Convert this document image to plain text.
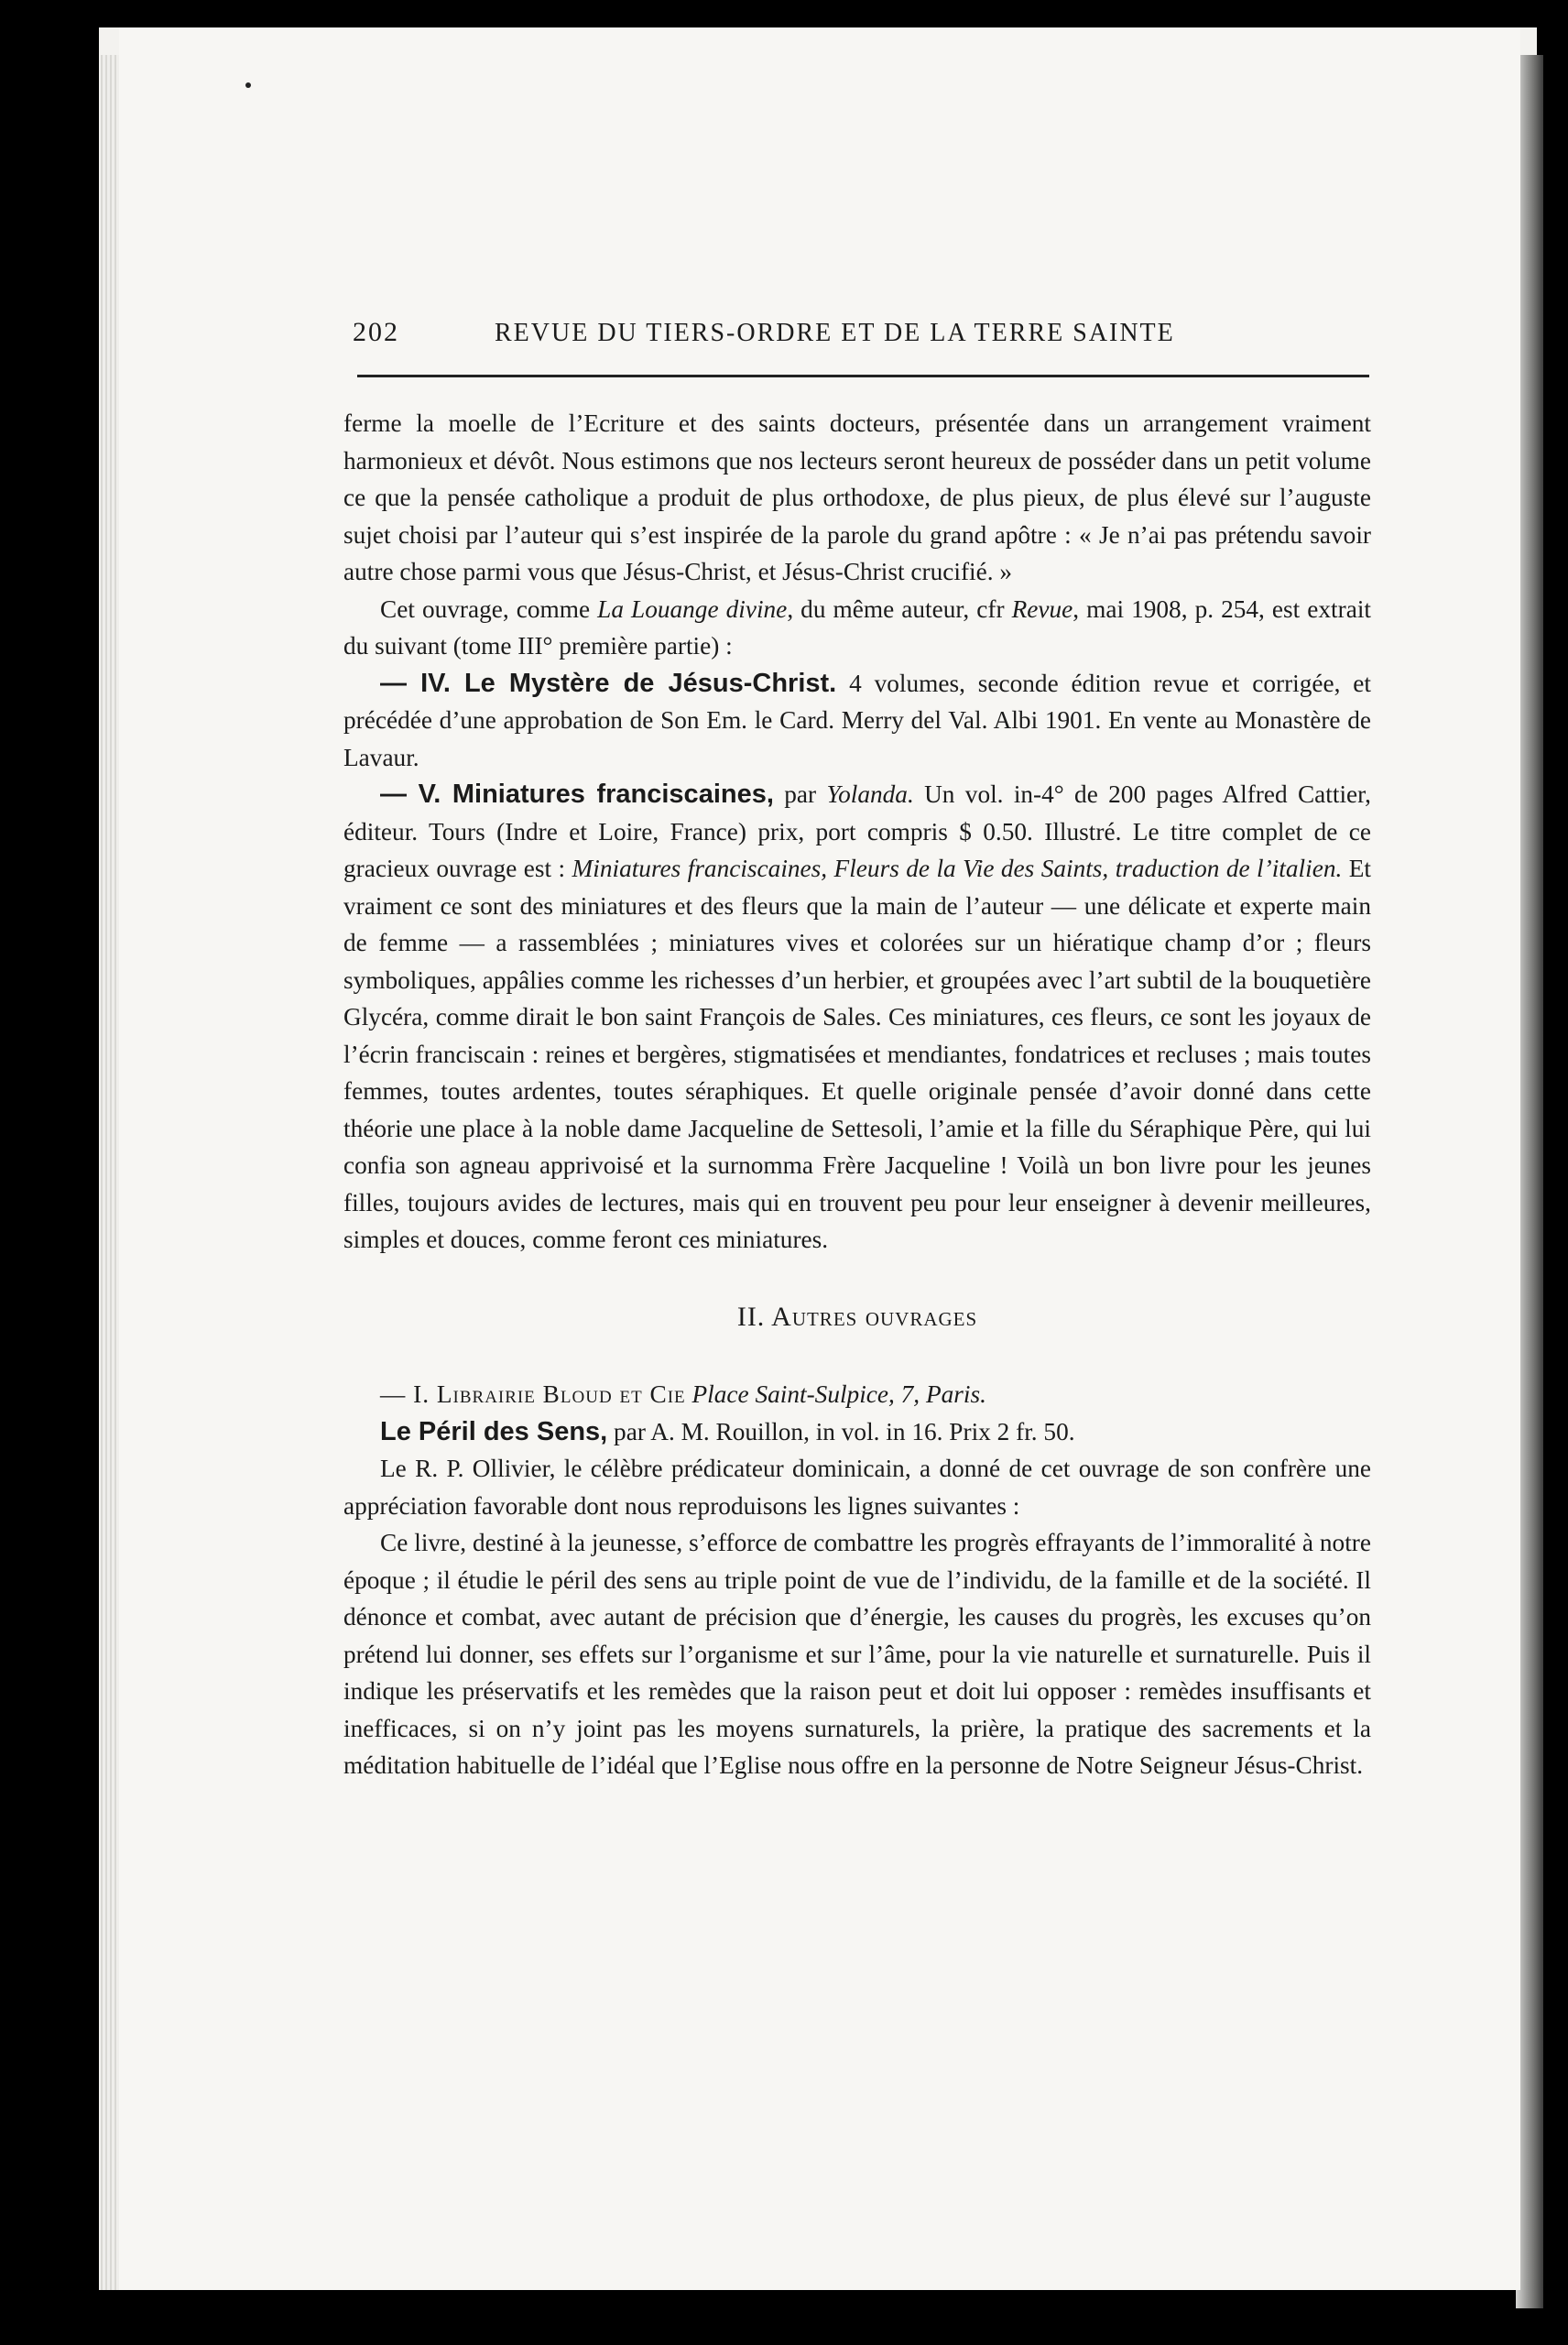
202	REVUE DU TIERS-ORDRE ET DE LA TERRE SAINTE

ferme la moelle de l’Ecriture et des saints docteurs, présentée dans un arrangement vraiment harmonieux et dévôt. Nous estimons que nos lecteurs seront heureux de posséder dans un petit volume ce que la pensée catholique a produit de plus orthodoxe, de plus pieux, de plus élevé sur l’auguste sujet choisi par l’auteur qui s’est inspirée de la parole du grand apôtre : « Je n’ai pas prétendu savoir autre chose parmi vous que Jésus-Christ, et Jésus-Christ crucifié. »

Cet ouvrage, comme La Louange divine, du même auteur, cfr Revue, mai 1908, p. 254, est extrait du suivant (tome III° première partie) :

— IV. Le Mystère de Jésus-Christ. 4 volumes, seconde édition revue et corrigée, et précédée d’une approbation de Son Em. le Card. Merry del Val. Albi 1901. En vente au Monastère de Lavaur.

— V. Miniatures franciscaines, par Yolanda. Un vol. in-4° de 200 pages Alfred Cattier, éditeur. Tours (Indre et Loire, France) prix, port compris $ 0.50. Illustré. Le titre complet de ce gracieux ouvrage est : Miniatures franciscaines, Fleurs de la Vie des Saints, traduction de l’italien. Et vraiment ce sont des miniatures et des fleurs que la main de l’auteur — une délicate et experte main de femme — a rassemblées ; miniatures vives et colorées sur un hiératique champ d’or ; fleurs symboliques, appâlies comme les richesses d’un herbier, et groupées avec l’art subtil de la bouquetière Glycéra, comme dirait le bon saint François de Sales. Ces miniatures, ces fleurs, ce sont les joyaux de l’écrin franciscain : reines et bergères, stigmatisées et mendiantes, fondatrices et recluses ; mais toutes femmes, toutes ardentes, toutes séraphiques. Et quelle originale pensée d’avoir donné dans cette théorie une place à la noble dame Jacqueline de Settesoli, l’amie et la fille du Séraphique Père, qui lui confia son agneau apprivoisé et la surnomma Frère Jacqueline ! Voilà un bon livre pour les jeunes filles, toujours avides de lectures, mais qui en trouvent peu pour leur enseigner à devenir meilleures, simples et douces, comme feront ces miniatures.

II. Autres ouvrages

— I. Librairie Bloud et Cie Place Saint-Sulpice, 7, Paris.

Le Péril des Sens, par A. M. Rouillon, in vol. in 16. Prix 2 fr. 50.

Le R. P. Ollivier, le célèbre prédicateur dominicain, a donné de cet ouvrage de son confrère une appréciation favorable dont nous reproduisons les lignes suivantes :

Ce livre, destiné à la jeunesse, s’efforce de combattre les progrès effrayants de l’immoralité à notre époque ; il étudie le péril des sens au triple point de vue de l’individu, de la famille et de la société. Il dénonce et combat, avec autant de précision que d’énergie, les causes du progrès, les excuses qu’on prétend lui donner, ses effets sur l’organisme et sur l’âme, pour la vie naturelle et surnaturelle. Puis il indique les préservatifs et les remèdes que la raison peut et doit lui opposer : remèdes insuffisants et inefficaces, si on n’y joint pas les moyens surnaturels, la prière, la pratique des sacrements et la méditation habituelle de l’idéal que l’Eglise nous offre en la personne de Notre Seigneur Jésus-Christ.
